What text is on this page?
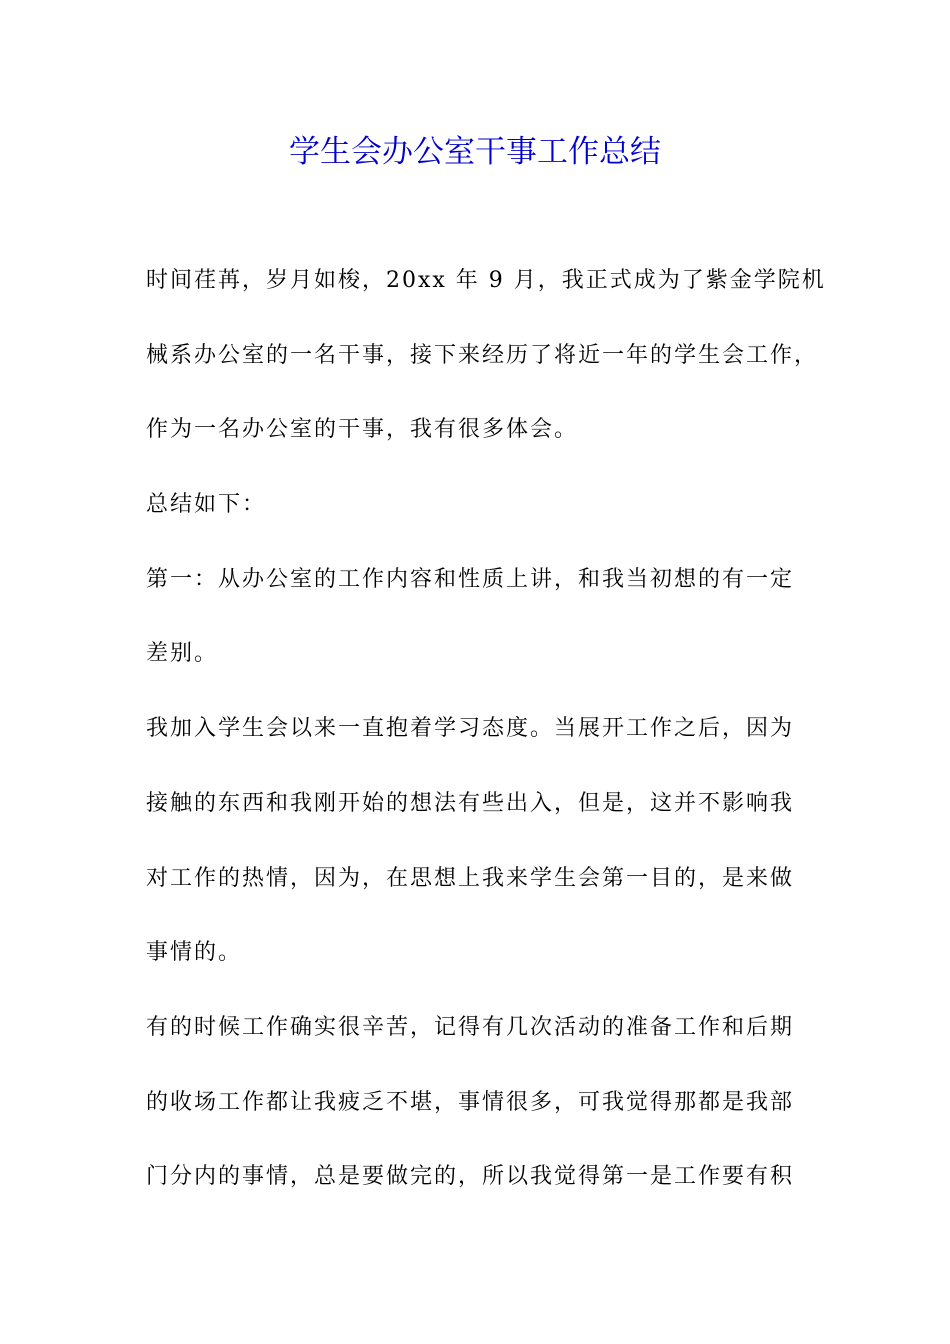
学生会办公室干事工作总结

时间荏苒，岁月如梭，20xx 年 9 月，我正式成为了紫金学院机

械系办公室的一名干事，接下来经历了将近一年的学生会工作，

作为一名办公室的干事，我有很多体会。

总结如下：

第一：从办公室的工作内容和性质上讲，和我当初想的有一定

差别。

我加入学生会以来一直抱着学习态度。当展开工作之后，因为

接触的东西和我刚开始的想法有些出入，但是，这并不影响我

对工作的热情，因为，在思想上我来学生会第一目的，是来做

事情的。

有的时候工作确实很辛苦，记得有几次活动的准备工作和后期

的收场工作都让我疲乏不堪，事情很多，可我觉得那都是我部

门分内的事情，总是要做完的，所以我觉得第一是工作要有积
